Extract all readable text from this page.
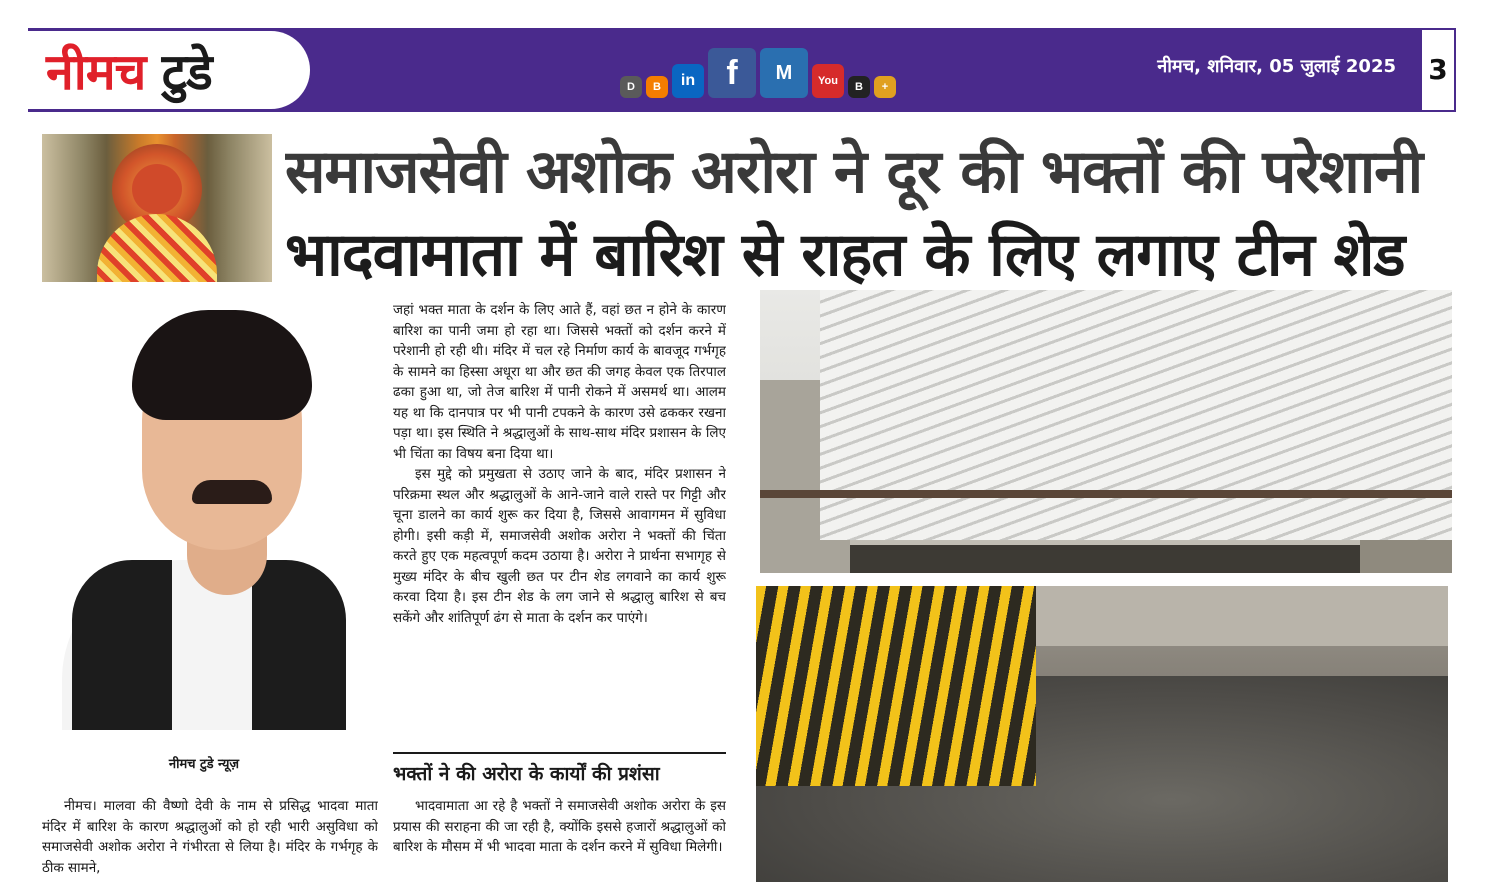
नीमच टुडे	D	B	in f	M	You	B	+
नीमच, शनिवार, 05 जुलाई 2025 3
समाजसेवी अशोक अरोरा ने दूर की भक्तों की परेशानी
भादवामाता में बारिश से राहत के लिए लगाए टीन शेड
नीमच टुडे न्यूज़

नीमच। मालवा की वैष्णो देवी के नाम से प्रसिद्ध भादवा माता मंदिर में बारिश के कारण श्रद्धालुओं को हो रही भारी असुविधा को समाजसेवी अशोक अरोरा ने गंभीरता से लिया है। मंदिर के गर्भगृह के ठीक सामने,

जहां भक्त माता के दर्शन के लिए आते हैं, वहां छत न होने के कारण बारिश का पानी जमा हो रहा था। जिससे भक्तों को दर्शन करने में परेशानी हो रही थी। मंदिर में चल रहे निर्माण कार्य के बावजूद गर्भगृह के सामने का हिस्सा अधूरा था और छत की जगह केवल एक तिरपाल ढका हुआ था, जो तेज बारिश में पानी रोकने में असमर्थ था। आलम यह था कि दानपात्र पर भी पानी टपकने के कारण उसे ढककर रखना पड़ा था। इस स्थिति ने श्रद्धालुओं के साथ-साथ मंदिर प्रशासन के लिए भी चिंता का विषय बना दिया था।

इस मुद्दे को प्रमुखता से उठाए जाने के बाद, मंदिर प्रशासन ने परिक्रमा स्थल और श्रद्धालुओं के आने-जाने वाले रास्ते पर गिट्टी और चूना डालने का कार्य शुरू कर दिया है, जिससे आवागमन में सुविधा होगी। इसी कड़ी में, समाजसेवी अशोक अरोरा ने भक्तों की चिंता करते हुए एक महत्वपूर्ण कदम उठाया है। अरोरा ने प्रार्थना सभागृह से मुख्य मंदिर के बीच खुली छत पर टीन शेड लगवाने का कार्य शुरू करवा दिया है। इस टीन शेड के लग जाने से श्रद्धालु बारिश से बच सकेंगे और शांतिपूर्ण ढंग से माता के दर्शन कर पाएंगे।

भक्तों ने की अरोरा के कार्यों की प्रशंसा

भादवामाता आ रहे है भक्तों ने समाजसेवी अशोक अरोरा के इस प्रयास की सराहना की जा रही है, क्योंकि इससे हजारों श्रद्धालुओं को बारिश के मौसम में भी भादवा माता के दर्शन करने में सुविधा मिलेगी।
